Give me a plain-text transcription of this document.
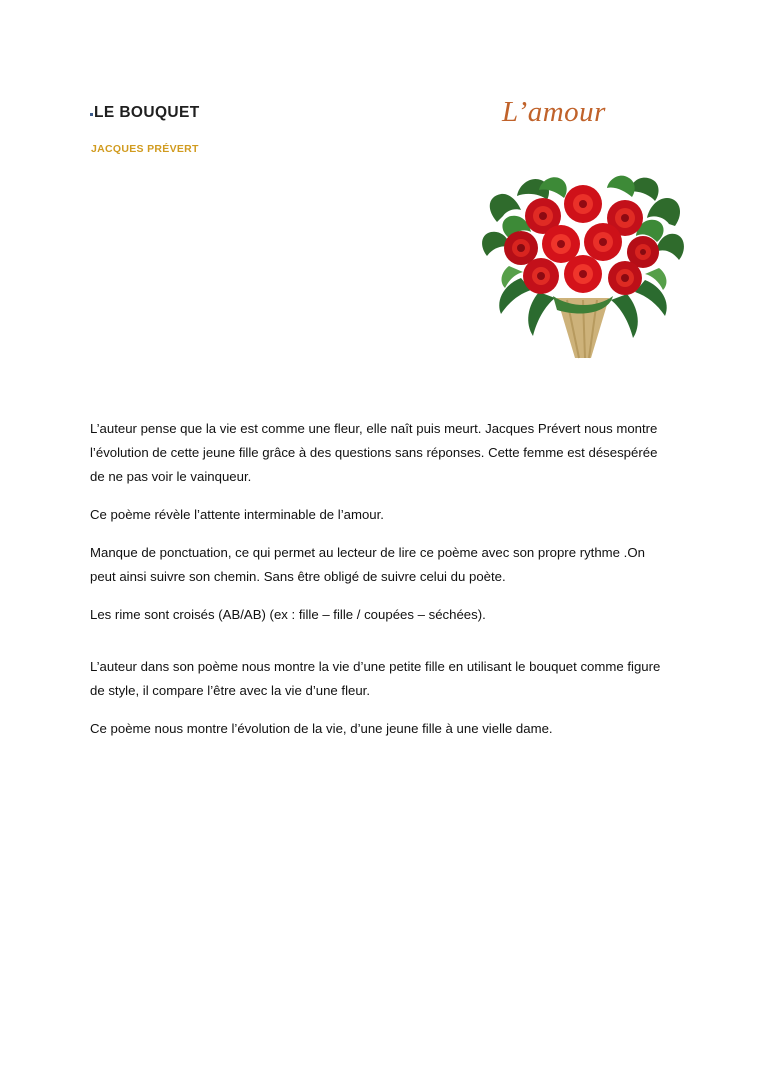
LE BOUQUET
JACQUES PRÉVERT
L’amour

L’auteur pense que la vie est comme une fleur, elle naît puis meurt. Jacques Prévert nous montre l’évolution de cette jeune fille grâce à des questions sans réponses. Cette femme est désespérée de ne pas voir le vainqueur.

Ce poème révèle l’attente interminable de l’amour.

Manque de ponctuation, ce qui permet au lecteur de lire ce poème avec son propre rythme .On peut ainsi suivre son chemin. Sans être obligé de suivre celui du poète.

Les rime sont croisés (AB/AB) (ex : fille – fille / coupées – séchées).

L’auteur dans son poème nous montre la vie d’une petite fille en utilisant le bouquet comme figure de style, il compare l’être avec la vie d’une fleur.

Ce poème nous montre l’évolution de la vie, d’une jeune fille à une vielle dame.
